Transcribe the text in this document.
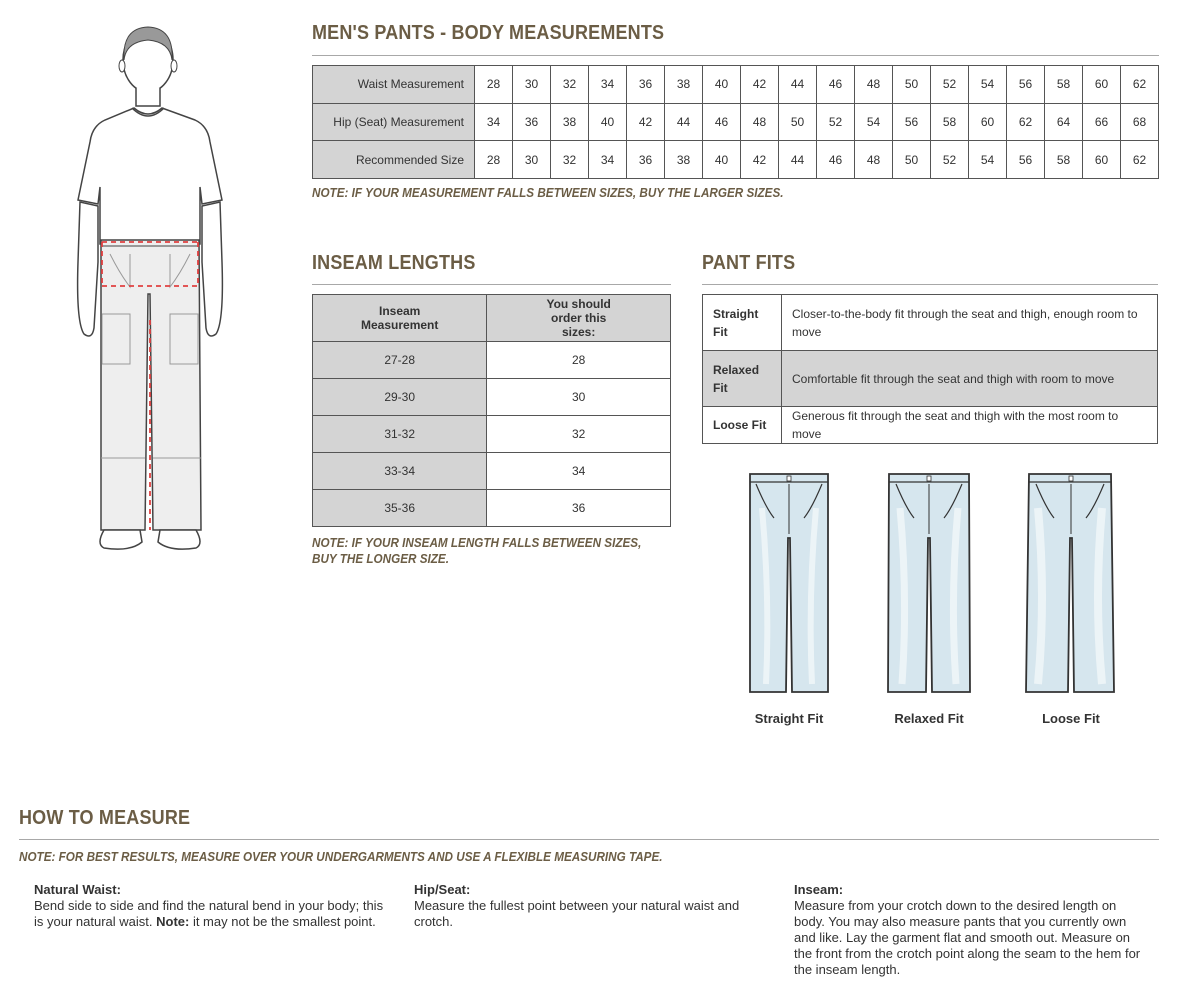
MEN'S PANTS - BODY MEASUREMENTS
Waist Measurement	28	30	32	34	36	38	40	42	44	46	48	50	52	54	56	58	60	62
Hip (Seat) Measurement	34	36	38	40	42	44	46	48	50	52	54	56	58	60	62	64	66	68
Recommended Size	28	30	32	34	36	38	40	42	44	46	48	50	52	54	56	58	60	62
NOTE: IF YOUR MEASUREMENT FALLS BETWEEN SIZES, BUY THE LARGER SIZES.
INSEAM LENGTHS
Inseam Measurement	You should order this sizes:
27-28	28
29-30	30
31-32	32
33-34	34
35-36	36
NOTE: IF YOUR INSEAM LENGTH FALLS BETWEEN SIZES, BUY THE LONGER SIZE.
PANT FITS
Straight Fit	Closer-to-the-body fit through the seat and thigh, enough room to move
Relaxed Fit	Comfortable fit through the seat and thigh with room to move
Loose Fit	Generous fit through the seat and thigh with the most room to move
Straight Fit	Relaxed Fit	Loose Fit
HOW TO MEASURE
NOTE: FOR BEST RESULTS, MEASURE OVER YOUR UNDERGARMENTS AND USE A FLEXIBLE MEASURING TAPE.
Natural Waist:
Bend side to side and find the natural bend in your body; this is your natural waist. Note: it may not be the smallest point.
Hip/Seat:
Measure the fullest point between your natural waist and crotch.
Inseam:
Measure from your crotch down to the desired length on body. You may also measure pants that you currently own and like. Lay the garment flat and smooth out. Measure on the front from the crotch point along the seam to the hem for the inseam length.
